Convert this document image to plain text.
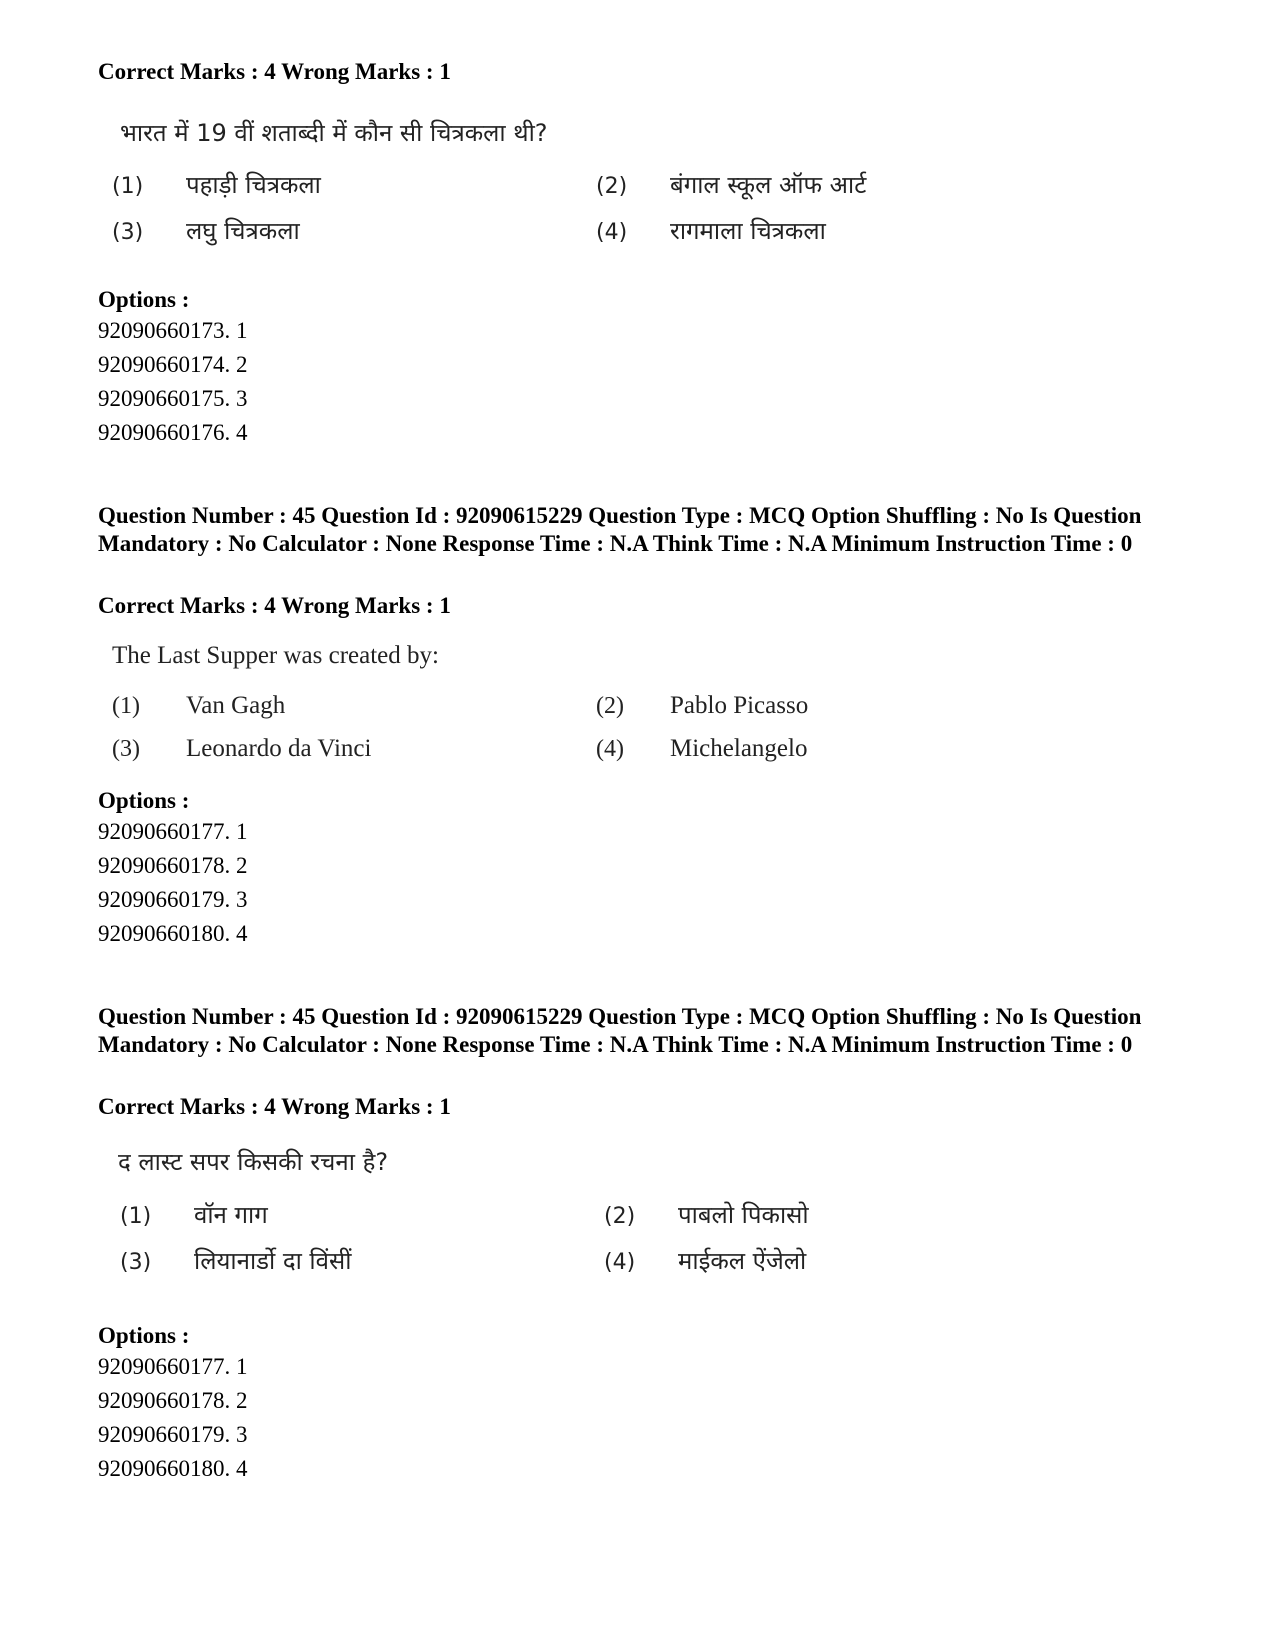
Correct Marks : 4 Wrong Marks : 1

भारत में 19 वीं शताब्दी में कौन सी चित्रकला थी?
(1)	पहाड़ी चित्रकला	(2)	बंगाल स्कूल ऑफ आर्ट
(3)	लघु चित्रकला	(4)	रागमाला चित्रकला

Options :

92090660173. 1
92090660174. 2
92090660175. 3
92090660176. 4

Question Number : 45 Question Id : 92090615229 Question Type : MCQ Option Shuffling : No Is Question Mandatory : No Calculator : None Response Time : N.A Think Time : N.A Minimum Instruction Time : 0

Correct Marks : 4 Wrong Marks : 1

The Last Supper was created by:
(1)	Van Gagh	(2)	Pablo Picasso
(3)	Leonardo da Vinci	(4)	Michelangelo

Options :

92090660177. 1
92090660178. 2
92090660179. 3
92090660180. 4

Question Number : 45 Question Id : 92090615229 Question Type : MCQ Option Shuffling : No Is Question Mandatory : No Calculator : None Response Time : N.A Think Time : N.A Minimum Instruction Time : 0

Correct Marks : 4 Wrong Marks : 1

द लास्ट सपर किसकी रचना है?
(1)	वॉन गाग	(2)	पाबलो पिकासो
(3)	लियानार्डो दा विंसीं	(4)	माईकल ऐंजेलो

Options :

92090660177. 1
92090660178. 2
92090660179. 3
92090660180. 4
